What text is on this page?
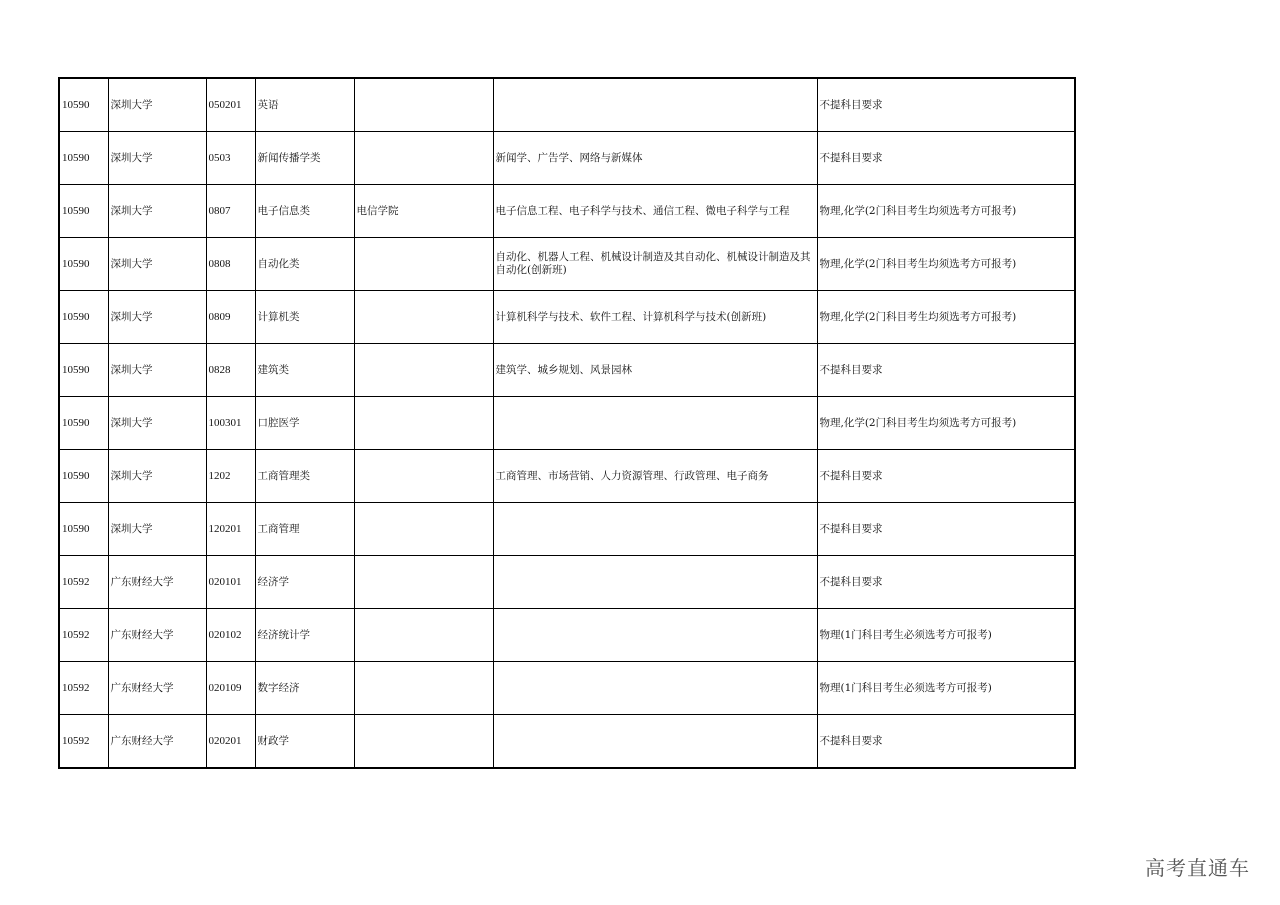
10590	深圳大学	050201	英语			不提科目要求
10590	深圳大学	0503	新闻传播学类		新闻学、广告学、网络与新媒体	不提科目要求
10590	深圳大学	0807	电子信息类	电信学院	电子信息工程、电子科学与技术、通信工程、微电子科学与工程	物理,化学(2门科目考生均须选考方可报考)
10590	深圳大学	0808	自动化类		自动化、机器人工程、机械设计制造及其自动化、机械设计制造及其自动化(创新班)	物理,化学(2门科目考生均须选考方可报考)
10590	深圳大学	0809	计算机类		计算机科学与技术、软件工程、计算机科学与技术(创新班)	物理,化学(2门科目考生均须选考方可报考)
10590	深圳大学	0828	建筑类		建筑学、城乡规划、风景园林	不提科目要求
10590	深圳大学	100301	口腔医学			物理,化学(2门科目考生均须选考方可报考)
10590	深圳大学	1202	工商管理类		工商管理、市场营销、人力资源管理、行政管理、电子商务	不提科目要求
10590	深圳大学	120201	工商管理			不提科目要求
10592	广东财经大学	020101	经济学			不提科目要求
10592	广东财经大学	020102	经济统计学			物理(1门科目考生必须选考方可报考)
10592	广东财经大学	020109	数字经济			物理(1门科目考生必须选考方可报考)
10592	广东财经大学	020201	财政学			不提科目要求
高考直通车
